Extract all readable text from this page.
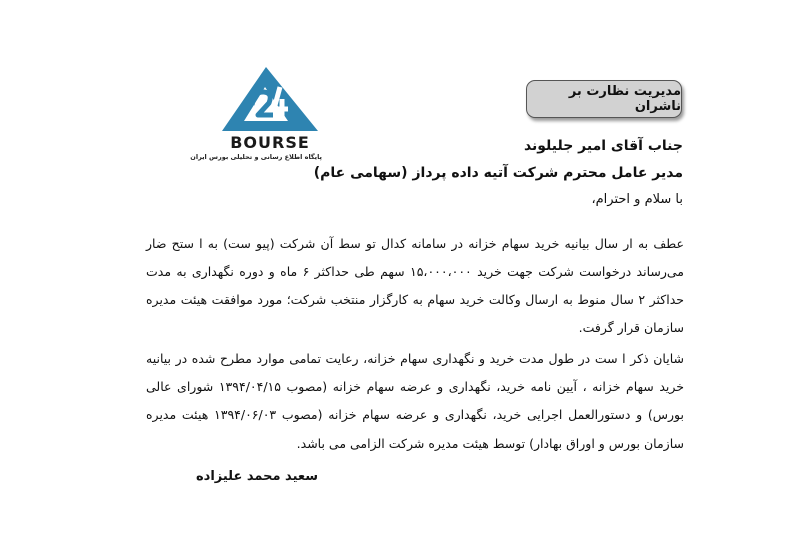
BOURSE
پایگاه اطلاع رسانی و تحلیلی بورس ایران
مدیریت نظارت بر ناشران
جناب آقای امیر جلیلوند
مدیر عامل محترم شرکت آتیه داده پرداز (سهامی عام)
با سلام و احترام،
عطف به ار سال بیانیه خرید سهام خزانه در سامانه کدال تو سط آن شرکت (پیو ست) به ا ستح ضار
می‌رساند درخواست شرکت جهت خرید ۱۵،۰۰۰،۰۰۰ سهم طی حداکثر ۶ ماه و دوره نگهداری به مدت
حداکثر ۲ سال منوط به ارسال وکالت خرید سهام به کارگزار منتخب شرکت؛ مورد موافقت هیئت مدیره
سازمان قرار گرفت.
شایان ذکر ا ست در طول مدت خرید و نگهداری سهام خزانه، رعایت تمامی موارد مطرح شده در بیانیه
خرید سهام خزانه ، آیین نامه خرید، نگهداری و عرضه سهام خزانه (مصوب ۱۳۹۴/۰۴/۱۵ شورای عالی
بورس) و دستورالعمل اجرایی خرید، نگهداری و عرضه سهام خزانه (مصوب ۱۳۹۴/۰۶/۰۳ هیئت مدیره
سازمان بورس و اوراق بهادار) توسط هیئت مدیره شرکت الزامی می باشد.
سعید محمد علیزاده
